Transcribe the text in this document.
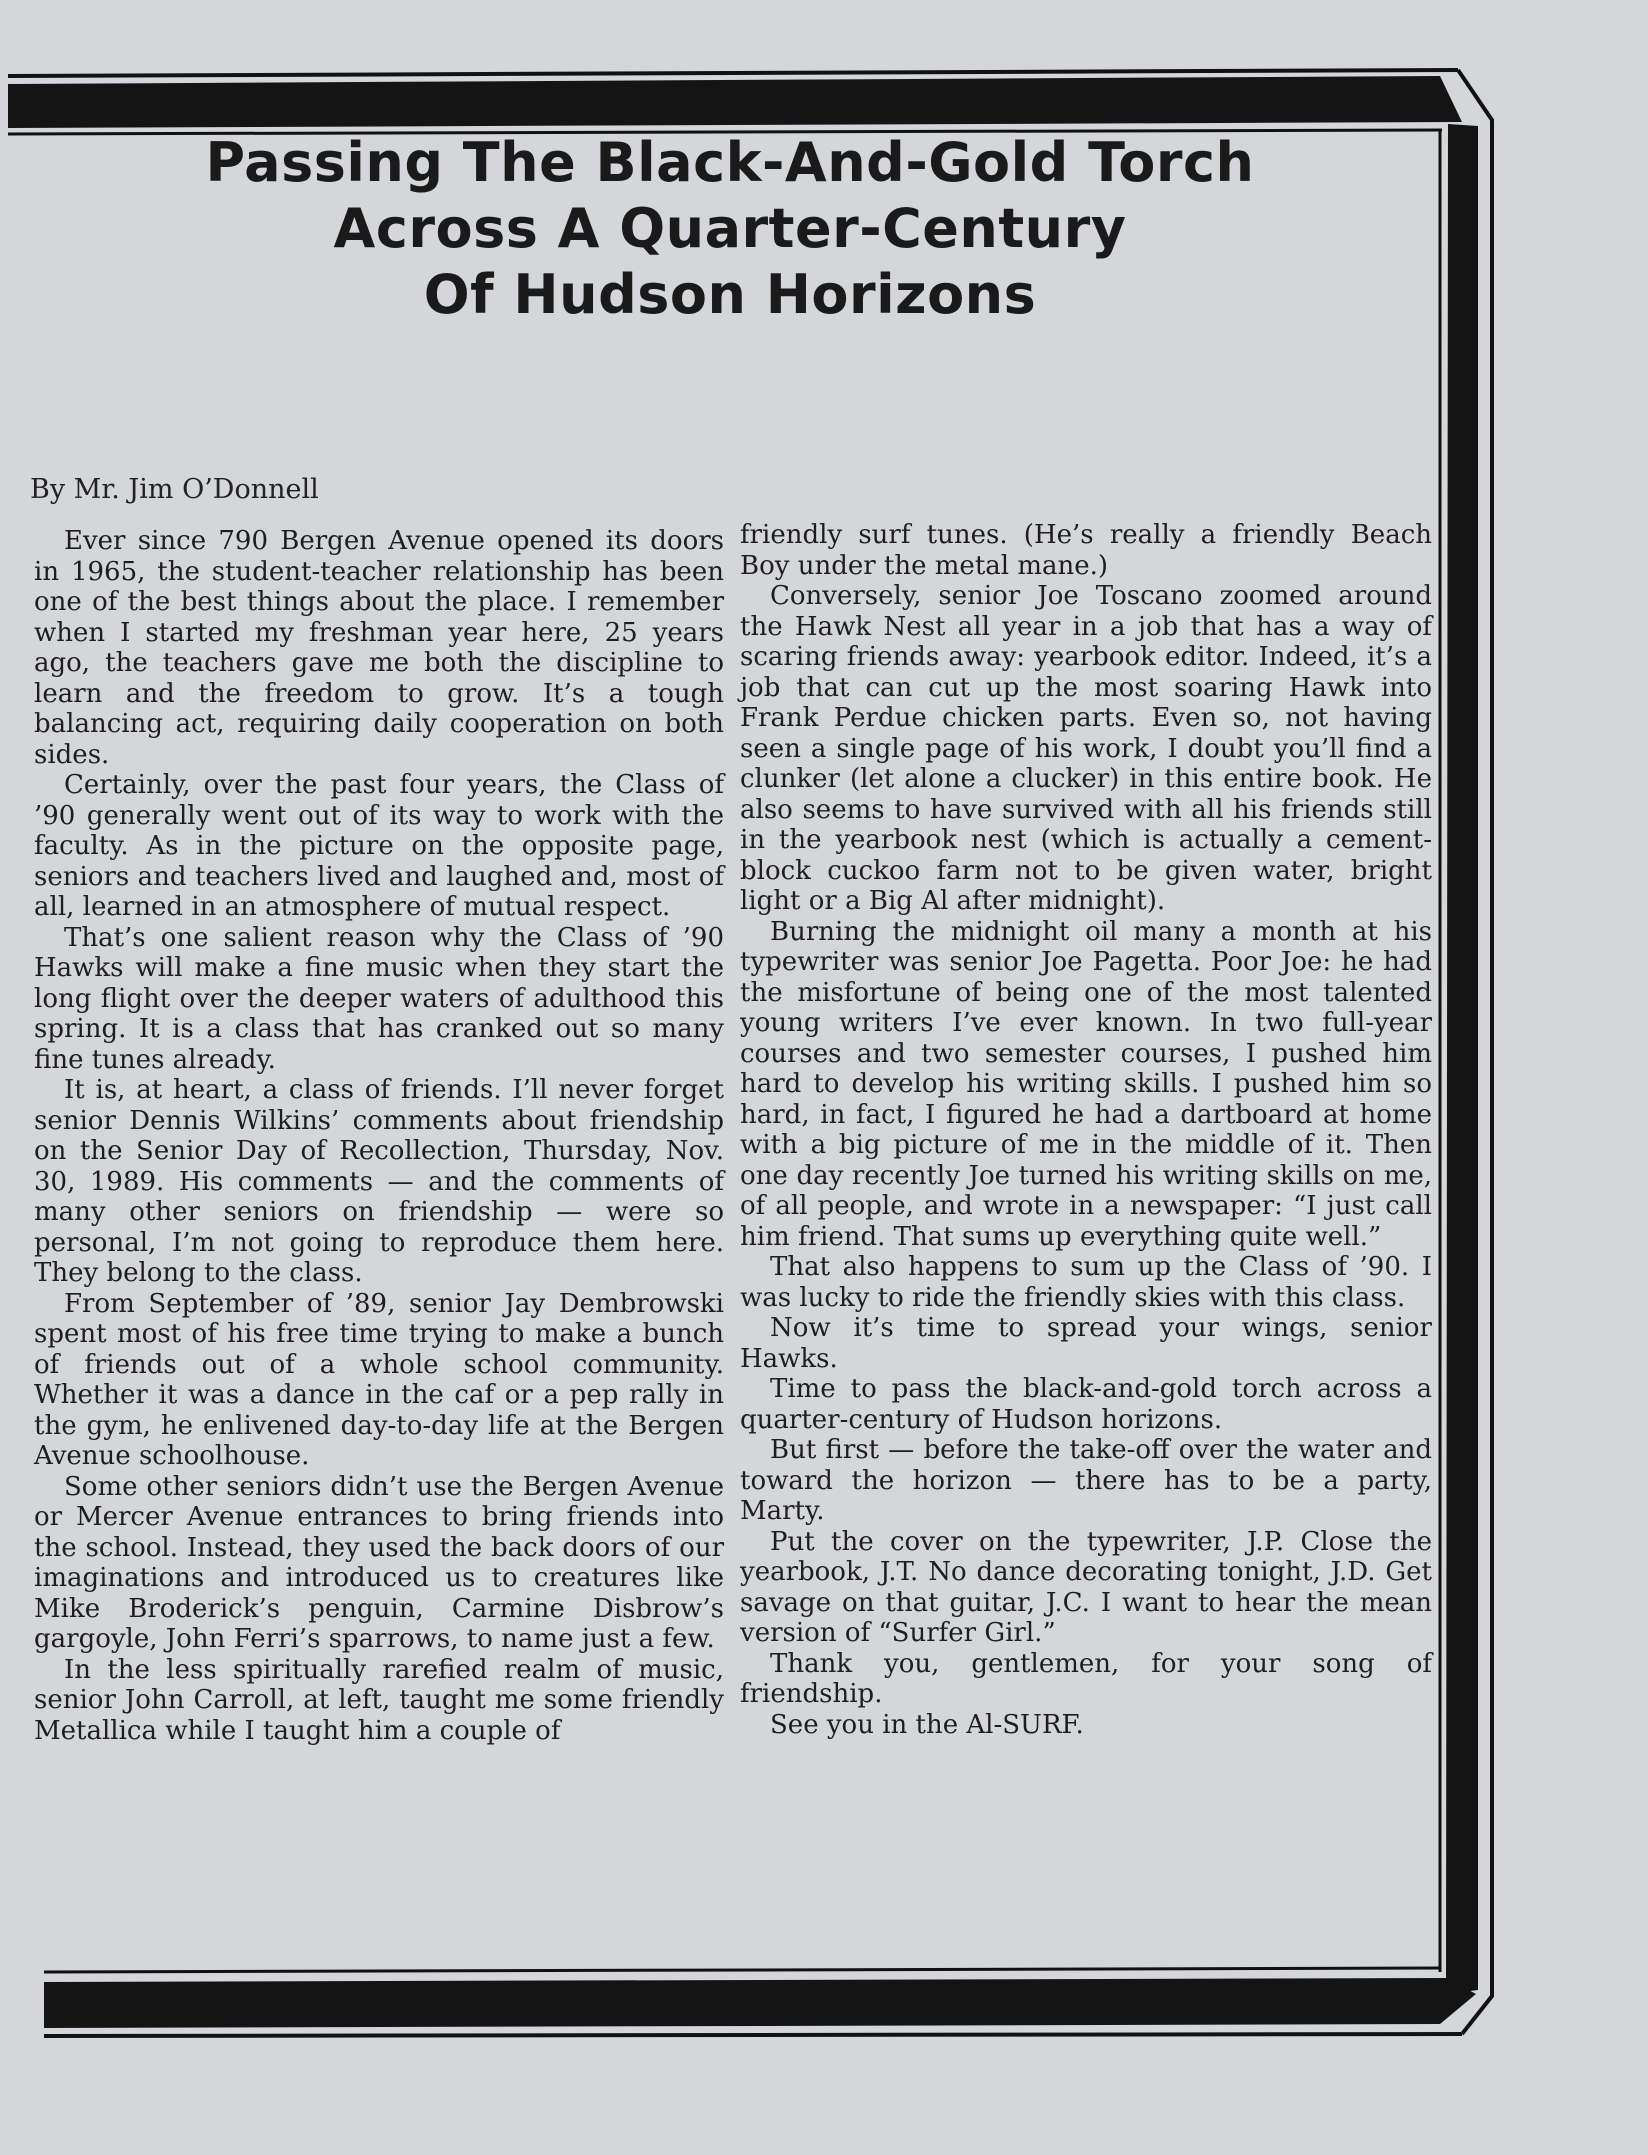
Passing The Black-And-Gold Torch
Across A Quarter-Century
Of Hudson Horizons
By Mr. Jim O’Donnell

Ever since 790 Bergen Avenue opened its doors in 1965, the student-teacher relationship has been one of the best things about the place. I remember when I started my freshman year here, 25 years ago, the teachers gave me both the discipline to learn and the freedom to grow. It’s a tough balancing act, requiring daily cooperation on both sides.

Certainly, over the past four years, the Class of ’90 generally went out of its way to work with the faculty. As in the picture on the opposite page, seniors and teachers lived and laughed and, most of all, learned in an atmosphere of mutual respect.

That’s one salient reason why the Class of ’90 Hawks will make a fine music when they start the long flight over the deeper waters of adulthood this spring. It is a class that has cranked out so many fine tunes already.

It is, at heart, a class of friends. I’ll never forget senior Dennis Wilkins’ comments about friendship on the Senior Day of Recollection, Thursday, Nov. 30, 1989. His comments — and the comments of many other seniors on friendship — were so personal, I’m not going to reproduce them here. They belong to the class.

From September of ’89, senior Jay Dembrowski spent most of his free time trying to make a bunch of friends out of a whole school community. Whether it was a dance in the caf or a pep rally in the gym, he enlivened day-to-day life at the Bergen Avenue schoolhouse.

Some other seniors didn’t use the Bergen Avenue or Mercer Avenue entrances to bring friends into the school. Instead, they used the back doors of our imaginations and introduced us to creatures like Mike Broderick’s penguin, Carmine Disbrow’s gargoyle, John Ferri’s sparrows, to name just a few.

In the less spiritually rarefied realm of music, senior John Carroll, at left, taught me some friendly Metallica while I taught him a couple of

friendly surf tunes. (He’s really a friendly Beach Boy under the metal mane.)

Conversely, senior Joe Toscano zoomed around the Hawk Nest all year in a job that has a way of scaring friends away: yearbook editor. Indeed, it’s a job that can cut up the most soaring Hawk into Frank Perdue chicken parts. Even so, not having seen a single page of his work, I doubt you’ll find a clunker (let alone a clucker) in this entire book. He also seems to have survived with all his friends still in the yearbook nest (which is actually a cement-block cuckoo farm not to be given water, bright light or a Big Al after midnight).

Burning the midnight oil many a month at his typewriter was senior Joe Pagetta. Poor Joe: he had the misfortune of being one of the most talented young writers I’ve ever known. In two full-year courses and two semester courses, I pushed him hard to develop his writing skills. I pushed him so hard, in fact, I figured he had a dartboard at home with a big picture of me in the middle of it. Then one day recently Joe turned his writing skills on me, of all people, and wrote in a newspaper: “I just call him friend. That sums up everything quite well.”

That also happens to sum up the Class of ’90. I was lucky to ride the friendly skies with this class.

Now it’s time to spread your wings, senior Hawks.

Time to pass the black-and-gold torch across a quarter-century of Hudson horizons.

But first — before the take-off over the water and toward the horizon — there has to be a party, Marty.

Put the cover on the typewriter, J.P. Close the yearbook, J.T. No dance decorating tonight, J.D. Get savage on that guitar, J.C. I want to hear the mean version of “Surfer Girl.”

Thank you, gentlemen, for your song of friendship.

See you in the Al-SURF.
